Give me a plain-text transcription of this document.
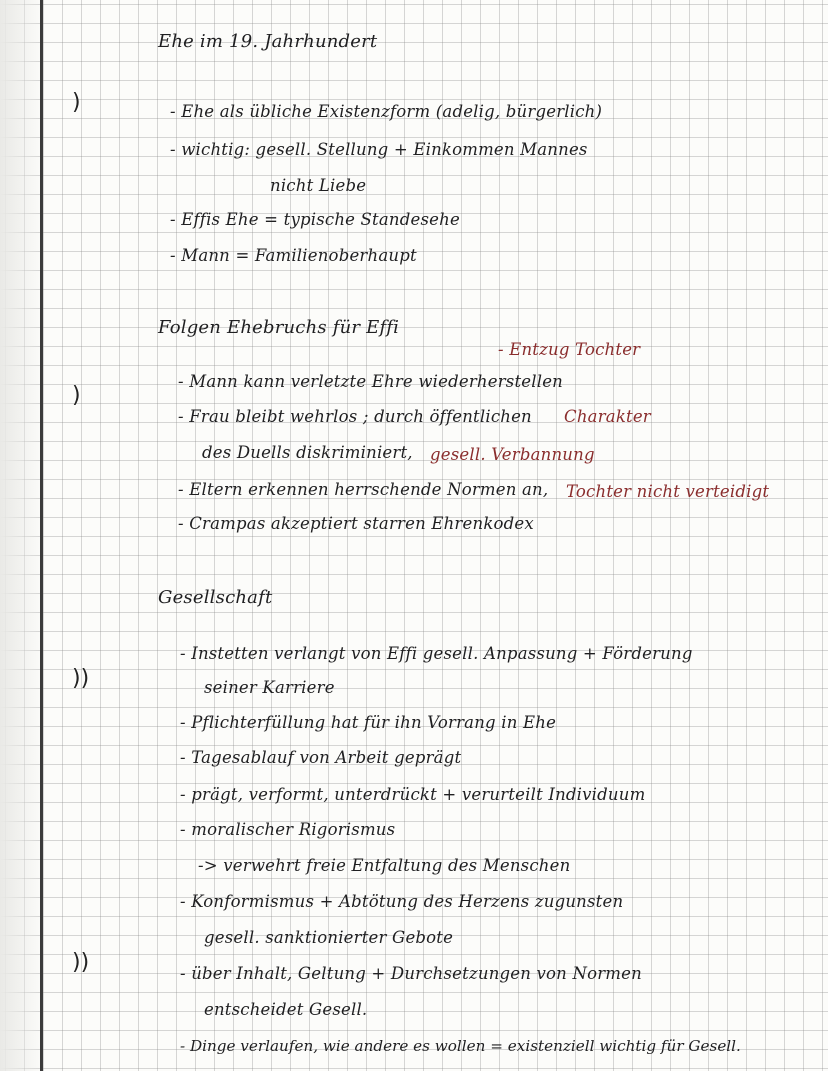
)
)
))
))
Ehe im 19. Jahrhundert
- Ehe als übliche Existenzform (adelig, bürgerlich)
- wichtig: gesell. Stellung + Einkommen Mannes
nicht Liebe
- Effis Ehe = typische Standesehe
- Mann = Familienoberhaupt
Folgen Ehebruchs für Effi
- Entzug Tochter
- Mann kann verletzte Ehre wiederherstellen
- Frau bleibt wehrlos ; durch öffentlichen Charakter
des Duells diskriminiert, gesell. Verbannung
- Eltern erkennen herrschende Normen an, Tochter nicht verteidigt
- Crampas akzeptiert starren Ehrenkodex
Gesellschaft
- Instetten verlangt von Effi gesell. Anpassung + Förderung
seiner Karriere
- Pflichterfüllung hat für ihn Vorrang in Ehe
- Tagesablauf von Arbeit geprägt
- prägt, verformt, unterdrückt + verurteilt Individuum
- moralischer Rigorismus
-> verwehrt freie Entfaltung des Menschen
- Konformismus + Abtötung des Herzens zugunsten
gesell. sanktionierter Gebote
- über Inhalt, Geltung + Durchsetzungen von Normen
entscheidet Gesell.
- Dinge verlaufen, wie andere es wollen = existenziell wichtig für Gesell.
